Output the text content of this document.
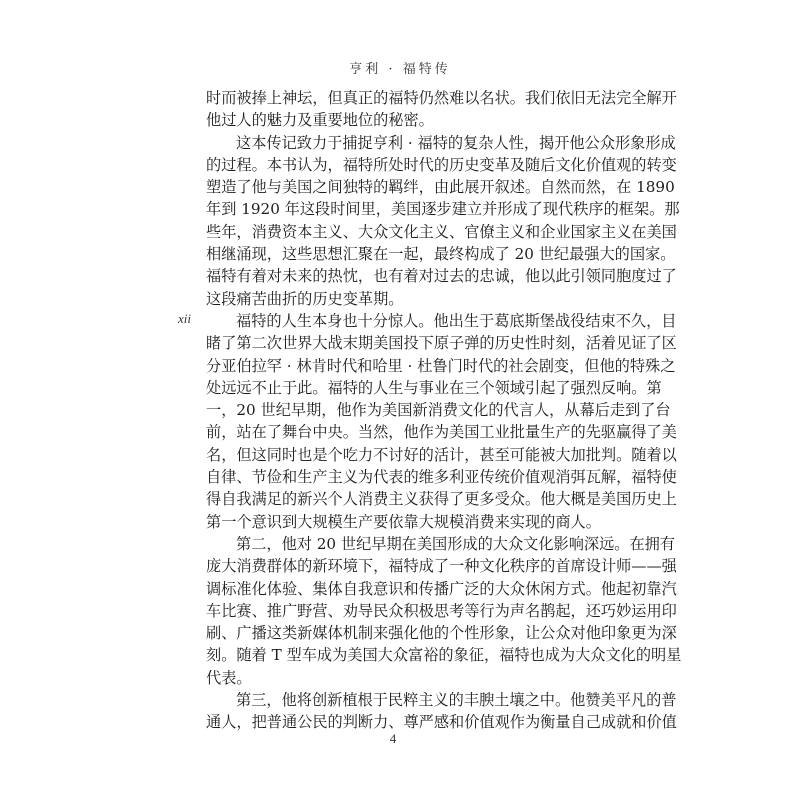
亨利 · 福特传
xii
时而被捧上神坛，但真正的福特仍然难以名状。我们依旧无法完全解开
他过人的魅力及重要地位的秘密。
这本传记致力于捕捉亨利 · 福特的复杂人性，揭开他公众形象形成
的过程。本书认为，福特所处时代的历史变革及随后文化价值观的转变
塑造了他与美国之间独特的羁绊，由此展开叙述。自然而然，在 1890
年到 1920 年这段时间里，美国逐步建立并形成了现代秩序的框架。那
些年，消费资本主义、大众文化主义、官僚主义和企业国家主义在美国
相继涌现，这些思想汇聚在一起，最终构成了 20 世纪最强大的国家。
福特有着对未来的热忱，也有着对过去的忠诚，他以此引领同胞度过了
这段痛苦曲折的历史变革期。
福特的人生本身也十分惊人。他出生于葛底斯堡战役结束不久，目
睹了第二次世界大战末期美国投下原子弹的历史性时刻，活着见证了区
分亚伯拉罕 · 林肯时代和哈里 · 杜鲁门时代的社会剧变，但他的特殊之
处远远不止于此。福特的人生与事业在三个领域引起了强烈反响。第
一，20 世纪早期，他作为美国新消费文化的代言人，从幕后走到了台
前，站在了舞台中央。当然，他作为美国工业批量生产的先驱赢得了美
名，但这同时也是个吃力不讨好的活计，甚至可能被大加批判。随着以
自律、节俭和生产主义为代表的维多利亚传统价值观消弭瓦解，福特使
得自我满足的新兴个人消费主义获得了更多受众。他大概是美国历史上
第一个意识到大规模生产要依靠大规模消费来实现的商人。
第二，他对 20 世纪早期在美国形成的大众文化影响深远。在拥有
庞大消费群体的新环境下，福特成了一种文化秩序的首席设计师——强
调标准化体验、集体自我意识和传播广泛的大众休闲方式。他起初靠汽
车比赛、推广野营、劝导民众积极思考等行为声名鹊起，还巧妙运用印
刷、广播这类新媒体机制来强化他的个性形象，让公众对他印象更为深
刻。随着 T 型车成为美国大众富裕的象征，福特也成为大众文化的明星
代表。
第三，他将创新植根于民粹主义的丰腴土壤之中。他赞美平凡的普
通人，把普通公民的判断力、尊严感和价值观作为衡量自己成就和价值
4
